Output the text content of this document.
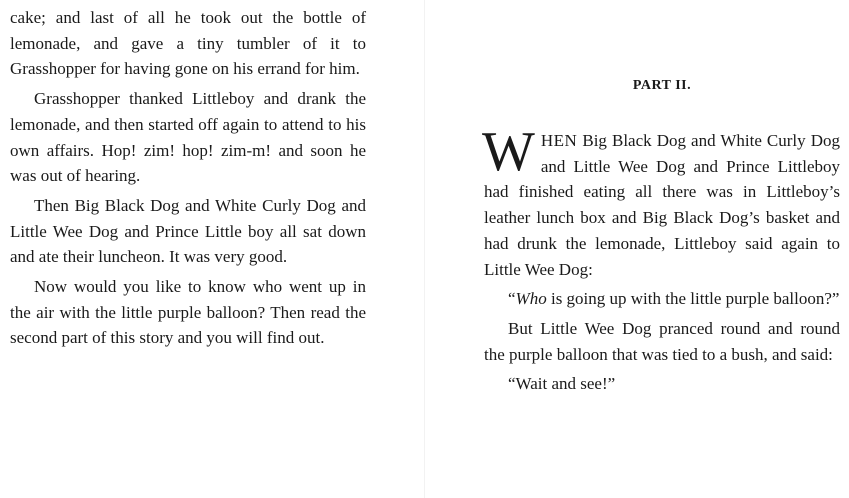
cake; and last of all he took out the bottle of lemonade, and gave a tiny tumbler of it to Grasshopper for having gone on his errand for him.

Grasshopper thanked Littleboy and drank the lemonade, and then started off again to attend to his own affairs. Hop! zim! hop! zim-m! and soon he was out of hearing.

Then Big Black Dog and White Curly Dog and Little Wee Dog and Prince Little boy all sat down and ate their luncheon. It was very good.

Now would you like to know who went up in the air with the little purple balloon? Then read the second part of this story and you will find out.

PART II.

WHEN Big Black Dog and White Curly Dog and Little Wee Dog and Prince Littleboy had finished eating all there was in Littleboy’s leather lunch box and Big Black Dog’s basket and had drunk the lemonade, Littleboy said again to Little Wee Dog:

“Who is going up with the little purple balloon?”

But Little Wee Dog pranced round and round the purple balloon that was tied to a bush, and said:

“Wait and see!”
